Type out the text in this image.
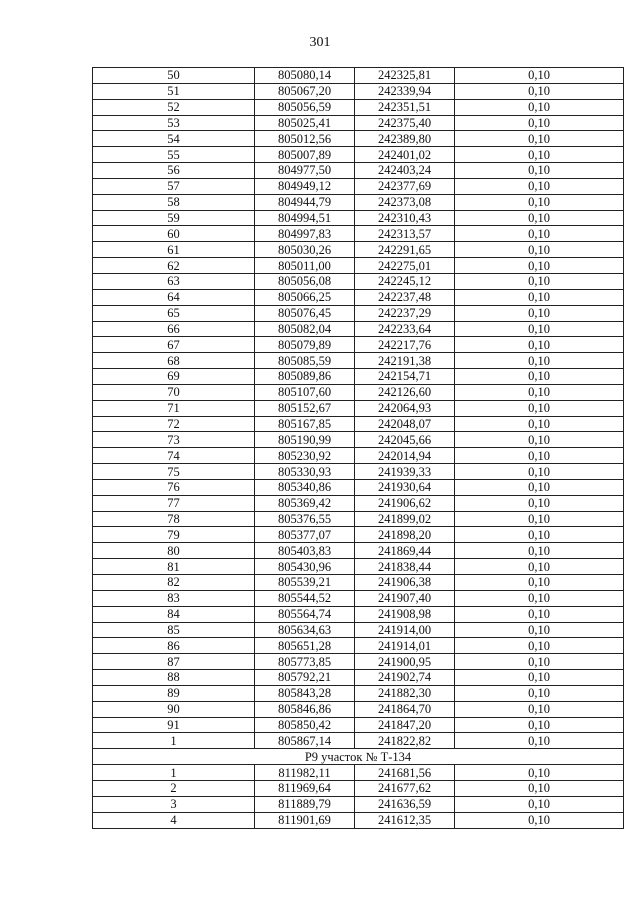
301
50	805080,14	242325,81	0,10
51	805067,20	242339,94	0,10
52	805056,59	242351,51	0,10
53	805025,41	242375,40	0,10
54	805012,56	242389,80	0,10
55	805007,89	242401,02	0,10
56	804977,50	242403,24	0,10
57	804949,12	242377,69	0,10
58	804944,79	242373,08	0,10
59	804994,51	242310,43	0,10
60	804997,83	242313,57	0,10
61	805030,26	242291,65	0,10
62	805011,00	242275,01	0,10
63	805056,08	242245,12	0,10
64	805066,25	242237,48	0,10
65	805076,45	242237,29	0,10
66	805082,04	242233,64	0,10
67	805079,89	242217,76	0,10
68	805085,59	242191,38	0,10
69	805089,86	242154,71	0,10
70	805107,60	242126,60	0,10
71	805152,67	242064,93	0,10
72	805167,85	242048,07	0,10
73	805190,99	242045,66	0,10
74	805230,92	242014,94	0,10
75	805330,93	241939,33	0,10
76	805340,86	241930,64	0,10
77	805369,42	241906,62	0,10
78	805376,55	241899,02	0,10
79	805377,07	241898,20	0,10
80	805403,83	241869,44	0,10
81	805430,96	241838,44	0,10
82	805539,21	241906,38	0,10
83	805544,52	241907,40	0,10
84	805564,74	241908,98	0,10
85	805634,63	241914,00	0,10
86	805651,28	241914,01	0,10
87	805773,85	241900,95	0,10
88	805792,21	241902,74	0,10
89	805843,28	241882,30	0,10
90	805846,86	241864,70	0,10
91	805850,42	241847,20	0,10
1	805867,14	241822,82	0,10
Р9 участок № Т-134			
1	811982,11	241681,56	0,10
2	811969,64	241677,62	0,10
3	811889,79	241636,59	0,10
4	811901,69	241612,35	0,10
